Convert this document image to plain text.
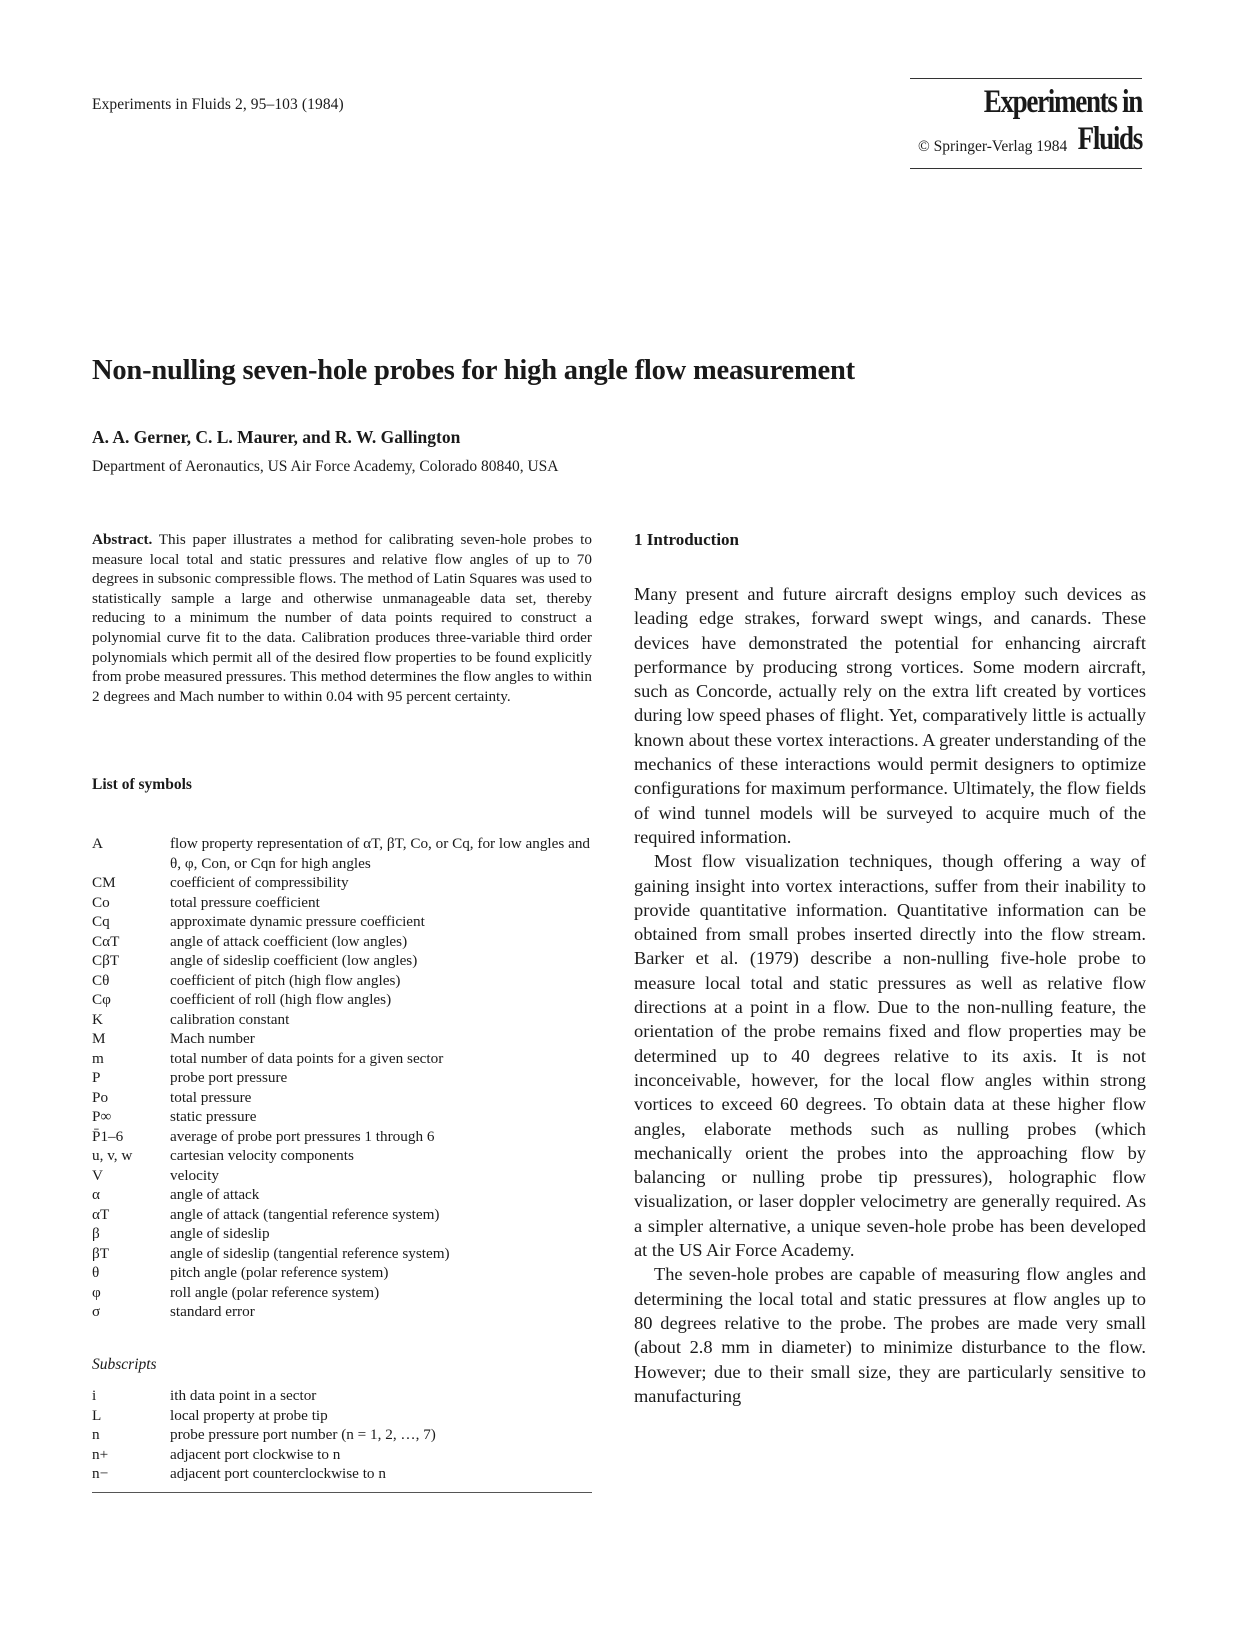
Experiments in Fluids 2, 95–103 (1984)	Experiments in Fluids
© Springer-Verlag 1984
Non-nulling seven-hole probes for high angle flow measurement
A. A. Gerner, C. L. Maurer, and R. W. Gallington
Department of Aeronautics, US Air Force Academy, Colorado 80840, USA

Abstract. This paper illustrates a method for calibrating seven-hole probes to measure local total and static pressures and relative flow angles of up to 70 degrees in subsonic compressible flows. The method of Latin Squares was used to statistically sample a large and otherwise unmanageable data set, thereby reducing to a minimum the number of data points required to construct a polynomial curve fit to the data. Calibration produces three-variable third order polynomials which permit all of the desired flow properties to be found explicitly from probe measured pressures. This method determines the flow angles to within 2 degrees and Mach number to within 0.04 with 95 percent certainty.

List of symbols
A	flow property representation of αT, βT, Co, or Cq, for low angles and θ, φ, Con, or Cqn for high angles
CM	coefficient of compressibility
Co	total pressure coefficient
Cq	approximate dynamic pressure coefficient
CαT	angle of attack coefficient (low angles)
CβT	angle of sideslip coefficient (low angles)
Cθ	coefficient of pitch (high flow angles)
Cφ	coefficient of roll (high flow angles)
K	calibration constant
M	Mach number
m	total number of data points for a given sector
P	probe port pressure
Po	total pressure
P∞	static pressure
P̄1–6	average of probe port pressures 1 through 6
u, v, w	cartesian velocity components
V	velocity
α	angle of attack
αT	angle of attack (tangential reference system)
β	angle of sideslip
βT	angle of sideslip (tangential reference system)
θ	pitch angle (polar reference system)
φ	roll angle (polar reference system)
σ	standard error
Subscripts
i	ith data point in a sector
L	local property at probe tip
n	probe pressure port number (n = 1, 2, …, 7)
n+	adjacent port clockwise to n
n−	adjacent port counterclockwise to n
1 Introduction

Many present and future aircraft designs employ such devices as leading edge strakes, forward swept wings, and canards. These devices have demonstrated the potential for enhancing aircraft performance by producing strong vortices. Some modern aircraft, such as Concorde, actually rely on the extra lift created by vortices during low speed phases of flight. Yet, comparatively little is actually known about these vortex interactions. A greater understanding of the mechanics of these interactions would permit designers to optimize configurations for maximum performance. Ultimately, the flow fields of wind tunnel models will be surveyed to acquire much of the required information.

Most flow visualization techniques, though offering a way of gaining insight into vortex interactions, suffer from their inability to provide quantitative information. Quantitative information can be obtained from small probes inserted directly into the flow stream. Barker et al. (1979) describe a non-nulling five-hole probe to measure local total and static pressures as well as relative flow directions at a point in a flow. Due to the non-nulling feature, the orientation of the probe remains fixed and flow properties may be determined up to 40 degrees relative to its axis. It is not inconceivable, however, for the local flow angles within strong vortices to exceed 60 degrees. To obtain data at these higher flow angles, elaborate methods such as nulling probes (which mechanically orient the probes into the approaching flow by balancing or nulling probe tip pressures), holographic flow visualization, or laser doppler velocimetry are generally required. As a simpler alternative, a unique seven-hole probe has been developed at the US Air Force Academy.

The seven-hole probes are capable of measuring flow angles and determining the local total and static pressures at flow angles up to 80 degrees relative to the probe. The probes are made very small (about 2.8 mm in diameter) to minimize disturbance to the flow. However; due to their small size, they are particularly sensitive to manufacturing
